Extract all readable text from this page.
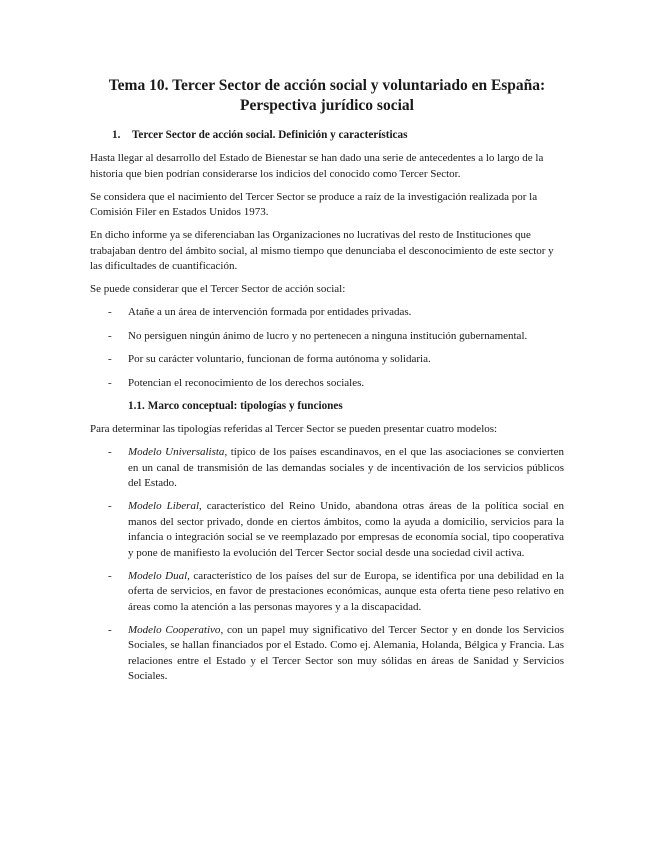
Tema 10. Tercer Sector de acción social y voluntariado en España:
Perspectiva jurídico social
1. Tercer Sector de acción social. Definición y características

Hasta llegar al desarrollo del Estado de Bienestar se han dado una serie de antecedentes a lo largo de la historia que bien podrían considerarse los indicios del conocido como Tercer Sector.

Se considera que el nacimiento del Tercer Sector se produce a raíz de la investigación realizada por la Comisión Filer en Estados Unidos 1973.

En dicho informe ya se diferenciaban las Organizaciones no lucrativas del resto de Instituciones que trabajaban dentro del ámbito social, al mismo tiempo que denunciaba el desconocimiento de este sector y las dificultades de cuantificación.

Se puede considerar que el Tercer Sector de acción social:

- Atañe a un área de intervención formada por entidades privadas.
- No persiguen ningún ánimo de lucro y no pertenecen a ninguna institución gubernamental.
- Por su carácter voluntario, funcionan de forma autónoma y solidaria.
- Potencian el reconocimiento de los derechos sociales.
1.1. Marco conceptual: tipologías y funciones

Para determinar las tipologías referidas al Tercer Sector se pueden presentar cuatro modelos:

- Modelo Universalista, típico de los países escandinavos, en el que las asociaciones se convierten en un canal de transmisión de las demandas sociales y de incentivación de los servicios públicos del Estado.
- Modelo Liberal, característico del Reino Unido, abandona otras áreas de la política social en manos del sector privado, donde en ciertos ámbitos, como la ayuda a domicilio, servicios para la infancia o integración social se ve reemplazado por empresas de economía social, tipo cooperativa y pone de manifiesto la evolución del Tercer Sector social desde una sociedad civil activa.
- Modelo Dual, característico de los países del sur de Europa, se identifica por una debilidad en la oferta de servicios, en favor de prestaciones económicas, aunque esta oferta tiene peso relativo en áreas como la atención a las personas mayores y a la discapacidad.
- Modelo Cooperativo, con un papel muy significativo del Tercer Sector y en donde los Servicios Sociales, se hallan financiados por el Estado. Como ej. Alemania, Holanda, Bélgica y Francia. Las relaciones entre el Estado y el Tercer Sector son muy sólidas en áreas de Sanidad y Servicios Sociales.
